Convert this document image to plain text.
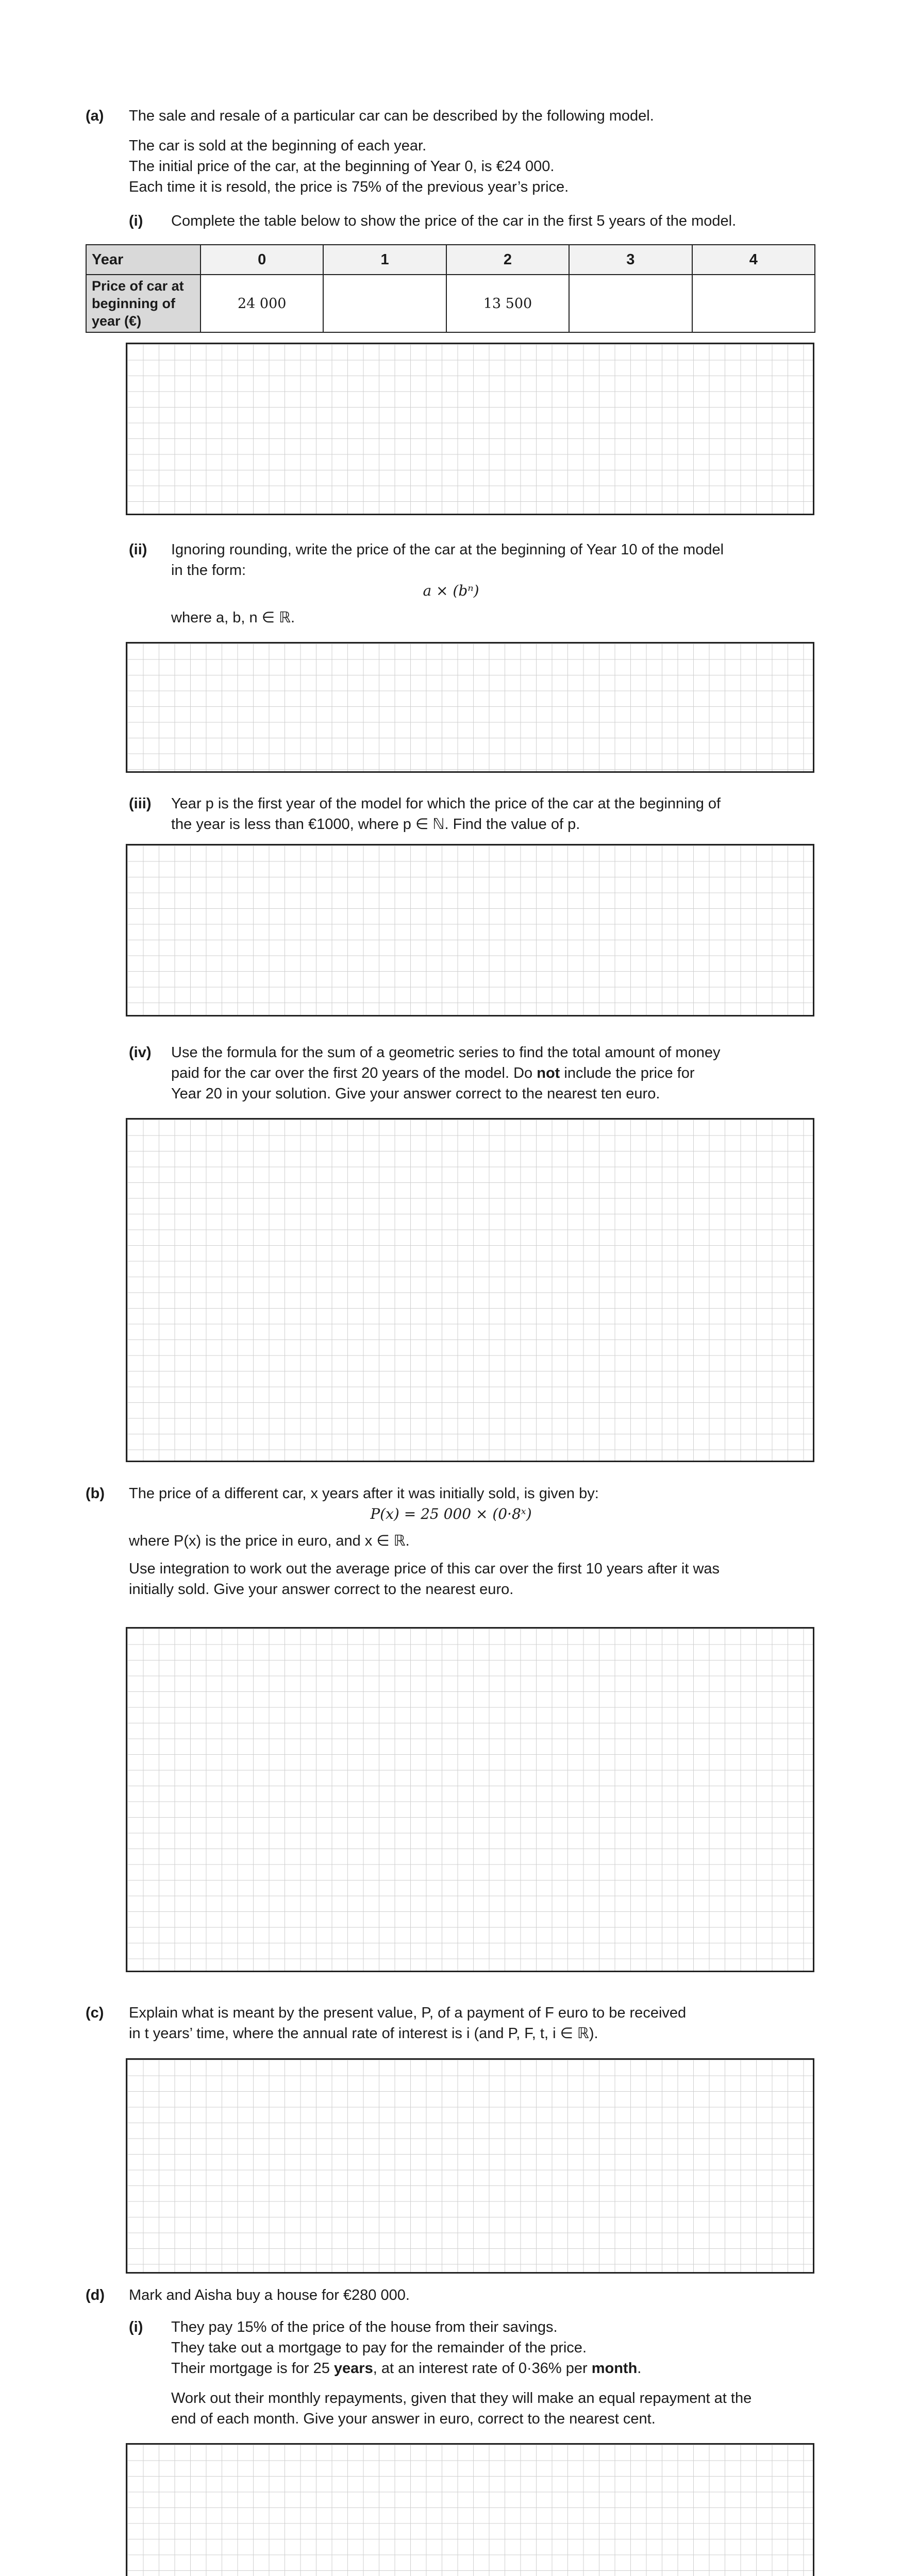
(a) The sale and resale of a particular car can be described by the following model.
The car is sold at the beginning of each year.
The initial price of the car, at the beginning of Year 0, is €24 000.
Each time it is resold, the price is 75% of the previous year’s price.
(i) Complete the table below to show the price of the car in the first 5 years of the model.
Year	0	1	2	3	4

Price of car at
beginning of year (€)	24 000		13 500		
(ii) Ignoring rounding, write the price of the car at the beginning of Year 10 of the model
in the form:
a × (bⁿ)
where a, b, n ∈ ℝ.
(iii) Year p is the first year of the model for which the price of the car at the beginning of
the year is less than €1000, where p ∈ ℕ. Find the value of p.
(iv) Use the formula for the sum of a geometric series to find the total amount of money
paid for the car over the first 20 years of the model. Do not include the price for
Year 20 in your solution. Give your answer correct to the nearest ten euro.
(b) The price of a different car, x years after it was initially sold, is given by:
P(x) = 25 000 × (0·8ˣ)
where P(x) is the price in euro, and x ∈ ℝ.
Use integration to work out the average price of this car over the first 10 years after it was
initially sold. Give your answer correct to the nearest euro.
(c) Explain what is meant by the present value, P, of a payment of F euro to be received
in t years’ time, where the annual rate of interest is i (and P, F, t, i ∈ ℝ).
(d) Mark and Aisha buy a house for €280 000.
(i) They pay 15% of the price of the house from their savings.
They take out a mortgage to pay for the remainder of the price.
Their mortgage is for 25 years, at an interest rate of 0·36% per month.
Work out their monthly repayments, given that they will make an equal repayment at the
end of each month. Give your answer in euro, correct to the nearest cent.
